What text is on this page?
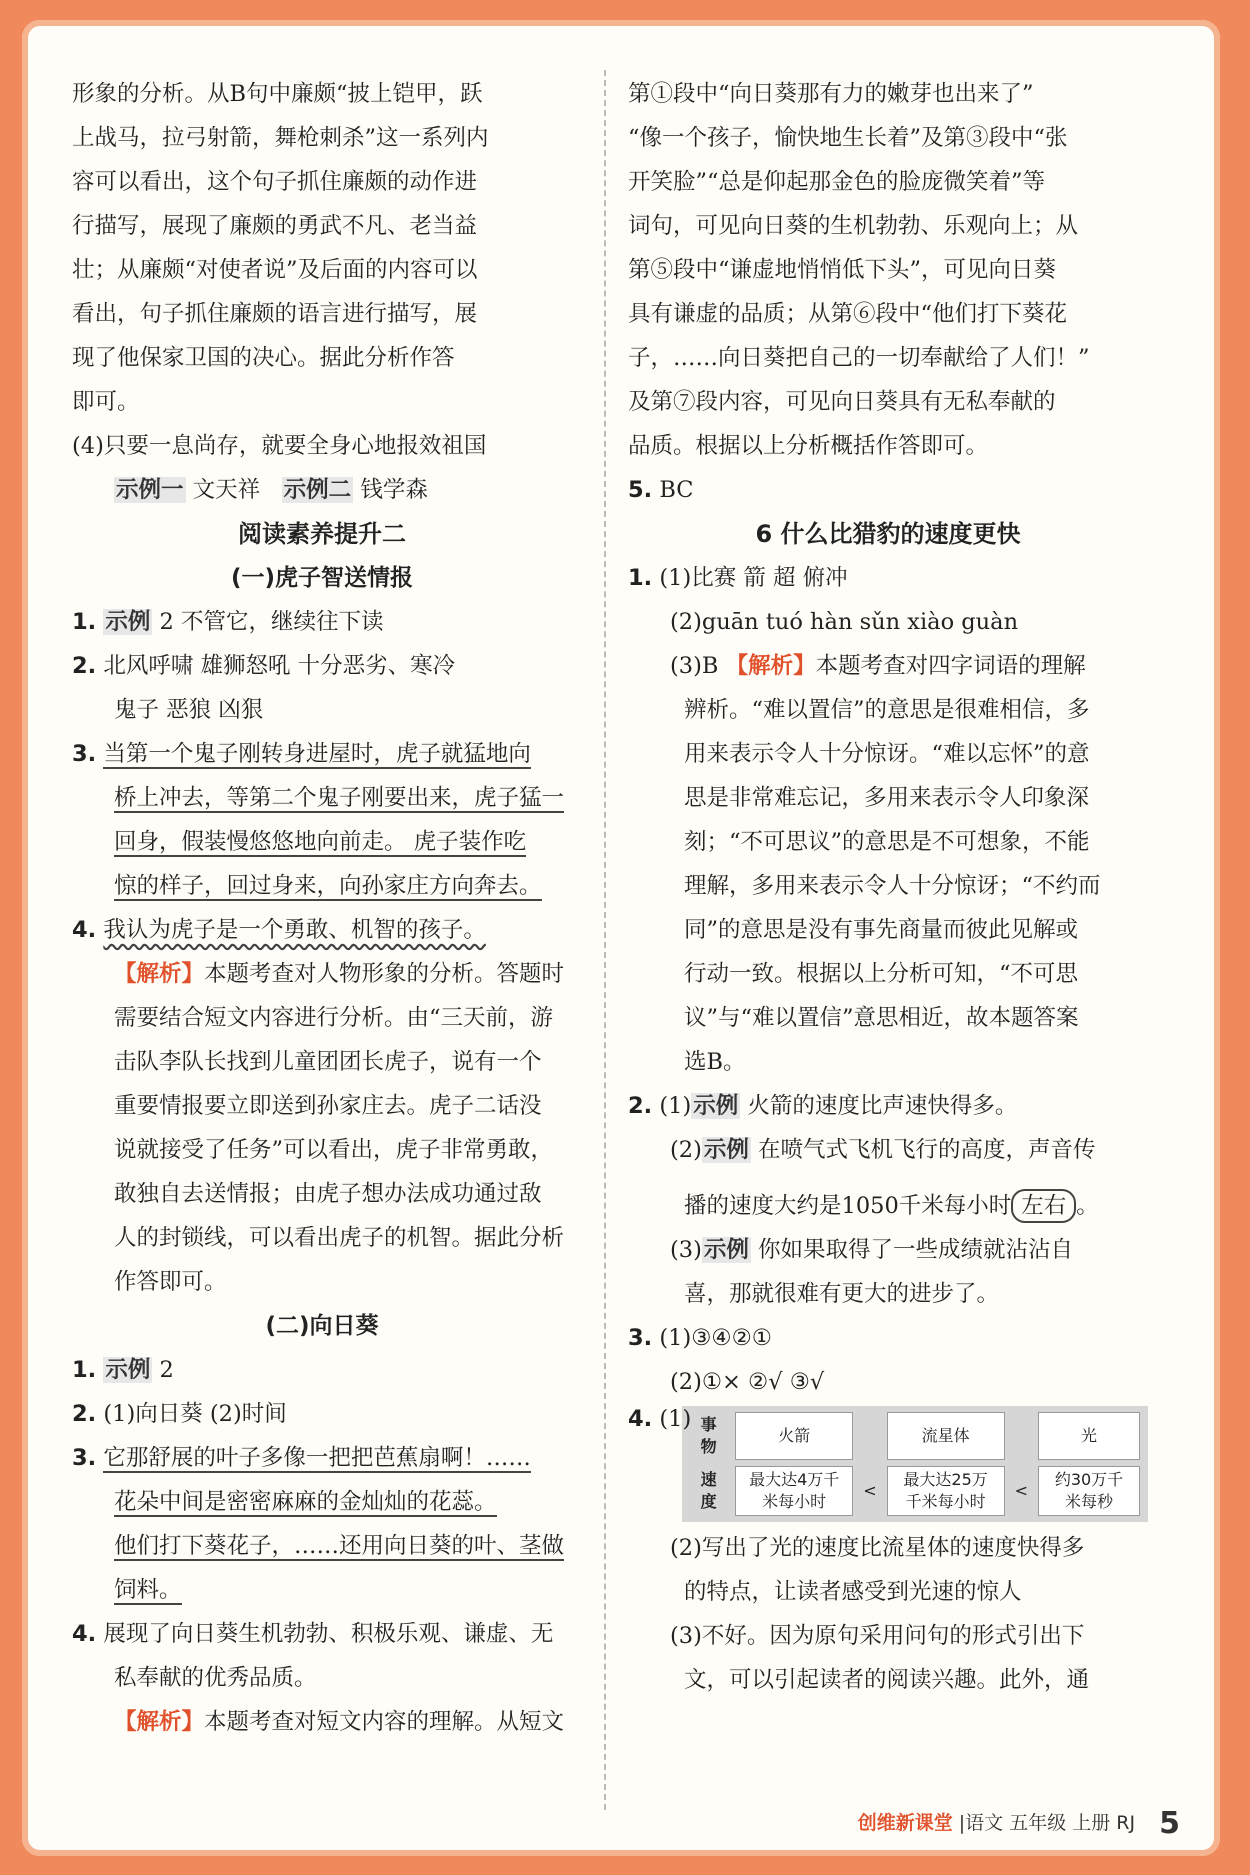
形象的分析。从B句中廉颇“披上铠甲，跃

上战马，拉弓射箭，舞枪刺杀”这一系列内

容可以看出，这个句子抓住廉颇的动作进

行描写，展现了廉颇的勇武不凡、老当益

壮；从廉颇“对使者说”及后面的内容可以

看出，句子抓住廉颇的语言进行描写，展

现了他保家卫国的决心。据此分析作答

即可。

(4)只要一息尚存，就要全身心地报效祖国

示例一 文天祥 示例二 钱学森

阅读素养提升二

(一)虎子智送情报

1. 示例 2 不管它，继续往下读

2. 北风呼啸 雄狮怒吼 十分恶劣、寒冷

鬼子 恶狼 凶狠

3. 当第一个鬼子刚转身进屋时，虎子就猛地向

桥上冲去，等第二个鬼子刚要出来，虎子猛一

回身，假装慢悠悠地向前走。 虎子装作吃

惊的样子，回过身来，向孙家庄方向奔去。

4. 我认为虎子是一个勇敢、机智的孩子。

【解析】本题考查对人物形象的分析。答题时

需要结合短文内容进行分析。由“三天前，游

击队李队长找到儿童团团长虎子，说有一个

重要情报要立即送到孙家庄去。虎子二话没

说就接受了任务”可以看出，虎子非常勇敢，

敢独自去送情报；由虎子想办法成功通过敌

人的封锁线，可以看出虎子的机智。据此分析

作答即可。

(二)向日葵

1. 示例 2

2. (1)向日葵 (2)时间

3. 它那舒展的叶子多像一把把芭蕉扇啊！……

花朵中间是密密麻麻的金灿灿的花蕊。

他们打下葵花子，……还用向日葵的叶、茎做

饲料。

4. 展现了向日葵生机勃勃、积极乐观、谦虚、无

私奉献的优秀品质。

【解析】本题考查对短文内容的理解。从短文

第①段中“向日葵那有力的嫩芽也出来了”

“像一个孩子，愉快地生长着”及第③段中“张

开笑脸”“总是仰起那金色的脸庞微笑着”等

词句，可见向日葵的生机勃勃、乐观向上；从

第⑤段中“谦虚地悄悄低下头”，可见向日葵

具有谦虚的品质；从第⑥段中“他们打下葵花

子，……向日葵把自己的一切奉献给了人们！”

及第⑦段内容，可见向日葵具有无私奉献的

品质。根据以上分析概括作答即可。

5. BC

6 什么比猎豹的速度更快

1. (1)比赛 箭 超 俯冲

(2)guān tuó hàn sǔn xiào guàn

(3)B 【解析】本题考查对四字词语的理解

辨析。“难以置信”的意思是很难相信，多

用来表示令人十分惊讶。“难以忘怀”的意

思是非常难忘记，多用来表示令人印象深

刻；“不可思议”的意思是不可想象，不能

理解，多用来表示令人十分惊讶；“不约而

同”的意思是没有事先商量而彼此见解或

行动一致。根据以上分析可知，“不可思

议”与“难以置信”意思相近，故本题答案

选B。

2. (1)示例 火箭的速度比声速快得多。

(2)示例 在喷气式飞机飞行的高度，声音传

播的速度大约是1050千米每小时 左右 。

(3)示例 你如果取得了一些成绩就沾沾自

喜，那就很难有更大的进步了。

3. (1)③④②①

(2)①× ②√ ③√

4. (1) 事物	火箭		流星体		光
速度	最大达4万千米每小时	<	最大达25万千米每小时	<	约30万千米每秒

(2)写出了光的速度比流星体的速度快得多

的特点，让读者感受到光速的惊人

(3)不好。因为原句采用问句的形式引出下

文，可以引起读者的阅读兴趣。此外，通

创维新课堂 |语文 五年级 上册 RJ 5
